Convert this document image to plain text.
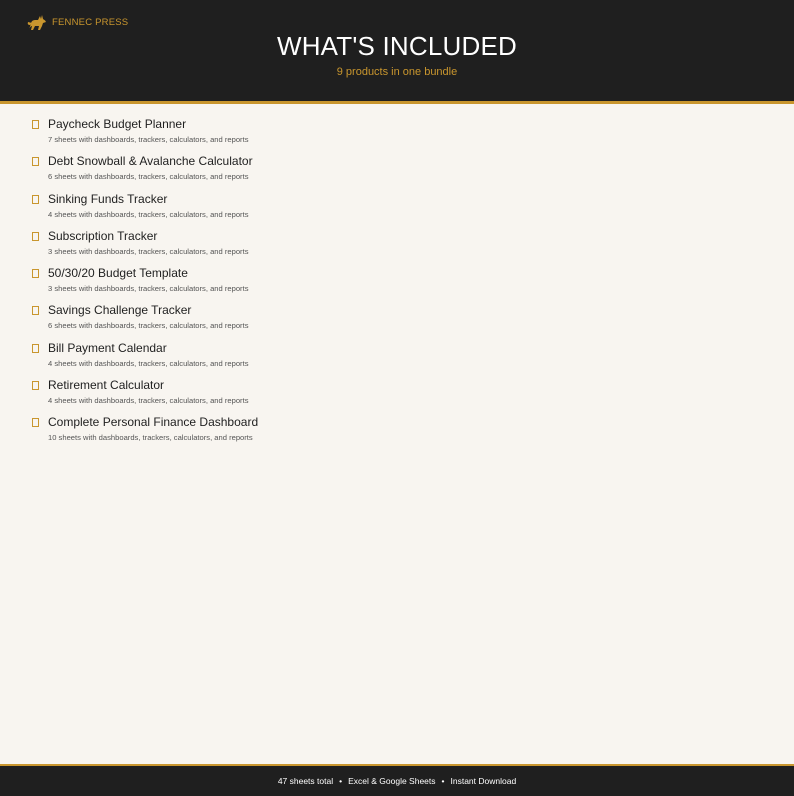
FENNEC PRESS
WHAT'S INCLUDED
9 products in one bundle
Paycheck Budget Planner
7 sheets with dashboards, trackers, calculators, and reports
Debt Snowball & Avalanche Calculator
6 sheets with dashboards, trackers, calculators, and reports
Sinking Funds Tracker
4 sheets with dashboards, trackers, calculators, and reports
Subscription Tracker
3 sheets with dashboards, trackers, calculators, and reports
50/30/20 Budget Template
3 sheets with dashboards, trackers, calculators, and reports
Savings Challenge Tracker
6 sheets with dashboards, trackers, calculators, and reports
Bill Payment Calendar
4 sheets with dashboards, trackers, calculators, and reports
Retirement Calculator
4 sheets with dashboards, trackers, calculators, and reports
Complete Personal Finance Dashboard
10 sheets with dashboards, trackers, calculators, and reports
47 sheets total • Excel & Google Sheets • Instant Download
